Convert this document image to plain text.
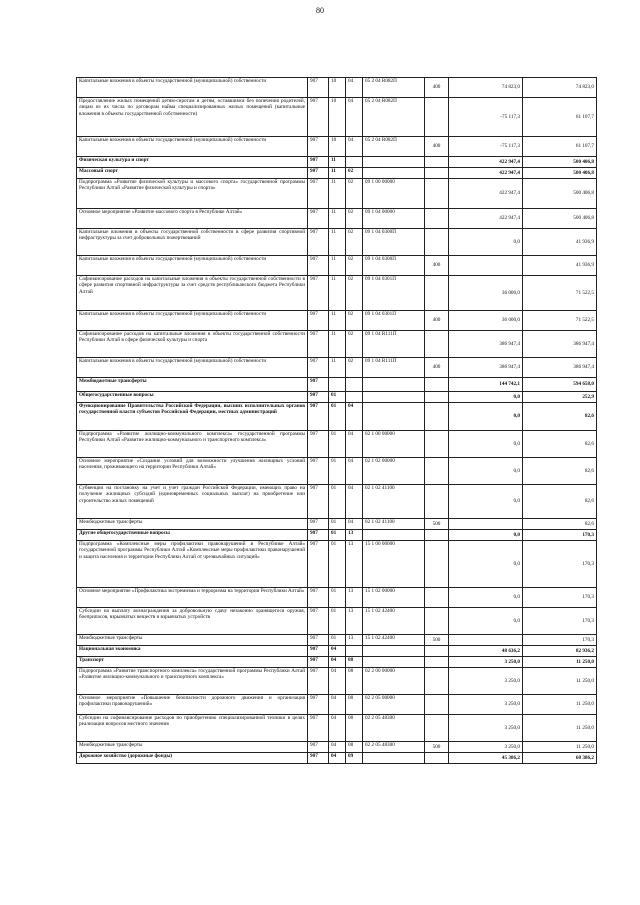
80
Капитальные вложения в объекты государственной (муниципальной) собственности	907	10	04	05 2 04 R082П	400	74 823,0	74 823,0
Предоставление жилых помещений детям-сиротам и детям, оставшимся без попечения родителей, лицам из их числа по договорам найма специализированных жилых помещений (капитальные вложения в объекты государственной собственности)	907	10	04	05 2 04 R082П		-75 117,3	61 107,7
Капитальные вложения в объекты государственной (муниципальной) собственности	907	10	04	05 2 04 R082П	400	-75 117,3	61 107,7
Физическая культура и спорт	907	11				422 947,4	500 406,8
Массовый спорт	907	11	02			422 947,4	500 406,8
Подпрограмма «Развитие физической культуры и массового спорта» государственной программы Республики Алтай «Развитие физической культуры и спорта»	907	11	02	09 1 00 00000		422 947,4	500 406,8
Основное мероприятие «Развитие массового спорта в Республике Алтай»	907	11	02	09 1 04 00000		422 947,4	500 406,8
Капитальные вложения в объекты государственной собственности в сфере развития спортивной инфраструктуры за счет добровольных пожертвований	907	11	02	09 1 04 0300П		0,0	41 936,9
Капитальные вложения в объекты государственной (муниципальной) собственности	907	11	02	09 1 04 0300П	400		41 936,9
Софинансирование расходов на капитальные вложения в объекты государственной собственности в сфере развития спортивной инфраструктуры за счет средств республиканского бюджета Республики Алтай	907	11	02	09 1 04 0301П		36 000,0	71 522,5
Капитальные вложения в объекты государственной (муниципальной) собственности	907	11	02	09 1 04 0301П	400	36 000,0	71 522,5
Софинансирование расходов на капитальные вложения в объекты государственной собственности Республики Алтай в сфере физической культуры и спорта	907	11	02	09 1 04 R111П		386 947,4	386 947,4
Капитальные вложения в объекты государственной (муниципальной) собственности	907	11	02	09 1 04 R111П	400	386 947,4	386 947,4
Межбюджетные трансферты	907					144 742,1	594 658,0
Общегосударственные вопросы	907	01				0,0	252,9
Функционирование Правительства Российской Федерации, высших исполнительных органов государственной власти субъектов Российской Федерации, местных администраций	907	01	04			0,0	82,6
Подпрограмма «Развитие жилищно-коммунального комплекса» государственной программы Республики Алтай «Развитие жилищно-коммунального и транспортного комплекса»	907	01	04	02 1 00 00000		0,0	82,6
Основное мероприятие «Создание условий для возможности улучшения жилищных условий населения, проживающего на территории Республики Алтай»	907	01	04	02 1 02 00000		0,0	82,6
Субвенции на постановку на учет и учет граждан Российской Федерации, имеющих право на получение жилищных субсидий (единовременных социальных выплат) на приобретение или строительство жилых помещений	907	01	04	02 1 02 41100		0,0	82,6
Межбюджетные трансферты	907	01	04	02 1 02 41100	500		82,6
Другие общегосударственные вопросы	907	01	13			0,0	170,3
Подпрограмма «Комплексные меры профилактики правонарушений в Республике Алтай» государственной программы Республики Алтай «Комплексные меры профилактики правонарушений и защита населения и территории Республики Алтай от чрезвычайных ситуаций»	907	01	13	15 1 00 00000		0,0	170,3
Основное мероприятие «Профилактика экстремизма и терроризма на территории Республики Алтай»	907	01	13	15 1 02 00000		0,0	170,3
Субсидии на выплату вознаграждения за добровольную сдачу незаконно хранящегося оружия, боеприпасов, взрывчатых веществ и взрывчатых устройств	907	01	13	15 1 02 42400		0,0	170,3
Межбюджетные трансферты	907	01	13	15 1 02 42400	500		170,3
Национальная экономика	907	04				48 636,2	82 936,2
Транспорт	907	04	08			3 250,0	11 250,0
Подпрограмма «Развитие транспортного комплекса» государственной программы Республики Алтай «Развитие жилищно-коммунального и транспортного комплекса»	907	04	08	02 2 00 00000		3 250,0	11 250,0
Основное мероприятие «Повышение безопасности дорожного движения и организация профилактики правонарушений»	907	04	08	02 2 05 00000		3 250,0	11 250,0
Субсидии на софинансирование расходов по приобретению специализированной техники в целях реализации вопросов местного значения	907	04	08	02 2 05 48300		3 250,0	11 250,0
Межбюджетные трансферты	907	04	08	02 2 05 48300	500	3 250,0	11 250,0
Дорожное хозяйство (дорожные фонды)	907	04	09			45 386,2	60 386,2
